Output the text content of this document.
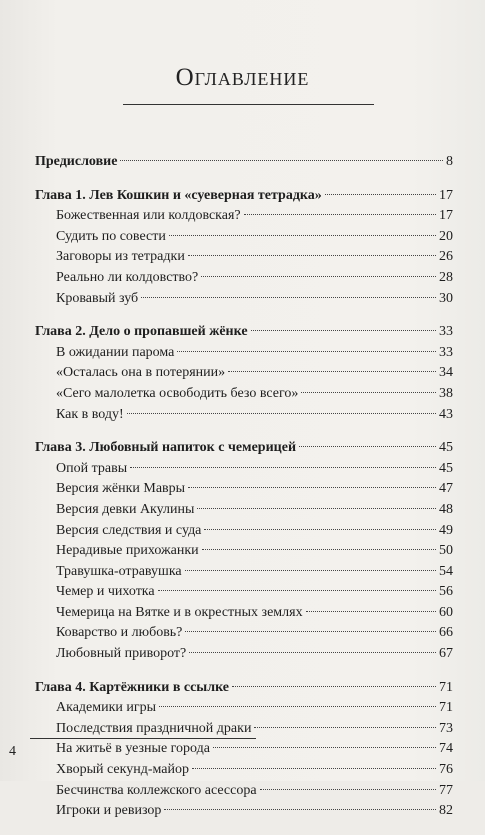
Оглавление
Предисловие	8
Глава 1. Лев Кошкин и «суеверная тетрадка»	17
Божественная или колдовская?	17
Судить по совести	20
Заговоры из тетрадки	26
Реально ли колдовство?	28
Кровавый зуб	30
Глава 2. Дело о пропавшей жёнке	33
В ожидании парома	33
«Осталась она в потерянии»	34
«Сего малолетка освободить безо всего»	38
Как в воду!	43
Глава 3. Любовный напиток с чемерицей	45
Опой травы	45
Версия жёнки Мавры	47
Версия девки Акулины	48
Версия следствия и суда	49
Нерадивые прихожанки	50
Травушка-отравушка	54
Чемер и чихотка	56
Чемерица на Вятке и в окрестных землях	60
Коварство и любовь?	66
Любовный приворот?	67
Глава 4. Картёжники в ссылке	71
Академики игры	71
Последствия праздничной драки	73
На житьё в уезные города	74
Хворый секунд-майор	76
Бесчинства коллежского асессора	77
Игроки и ревизор	82
4
